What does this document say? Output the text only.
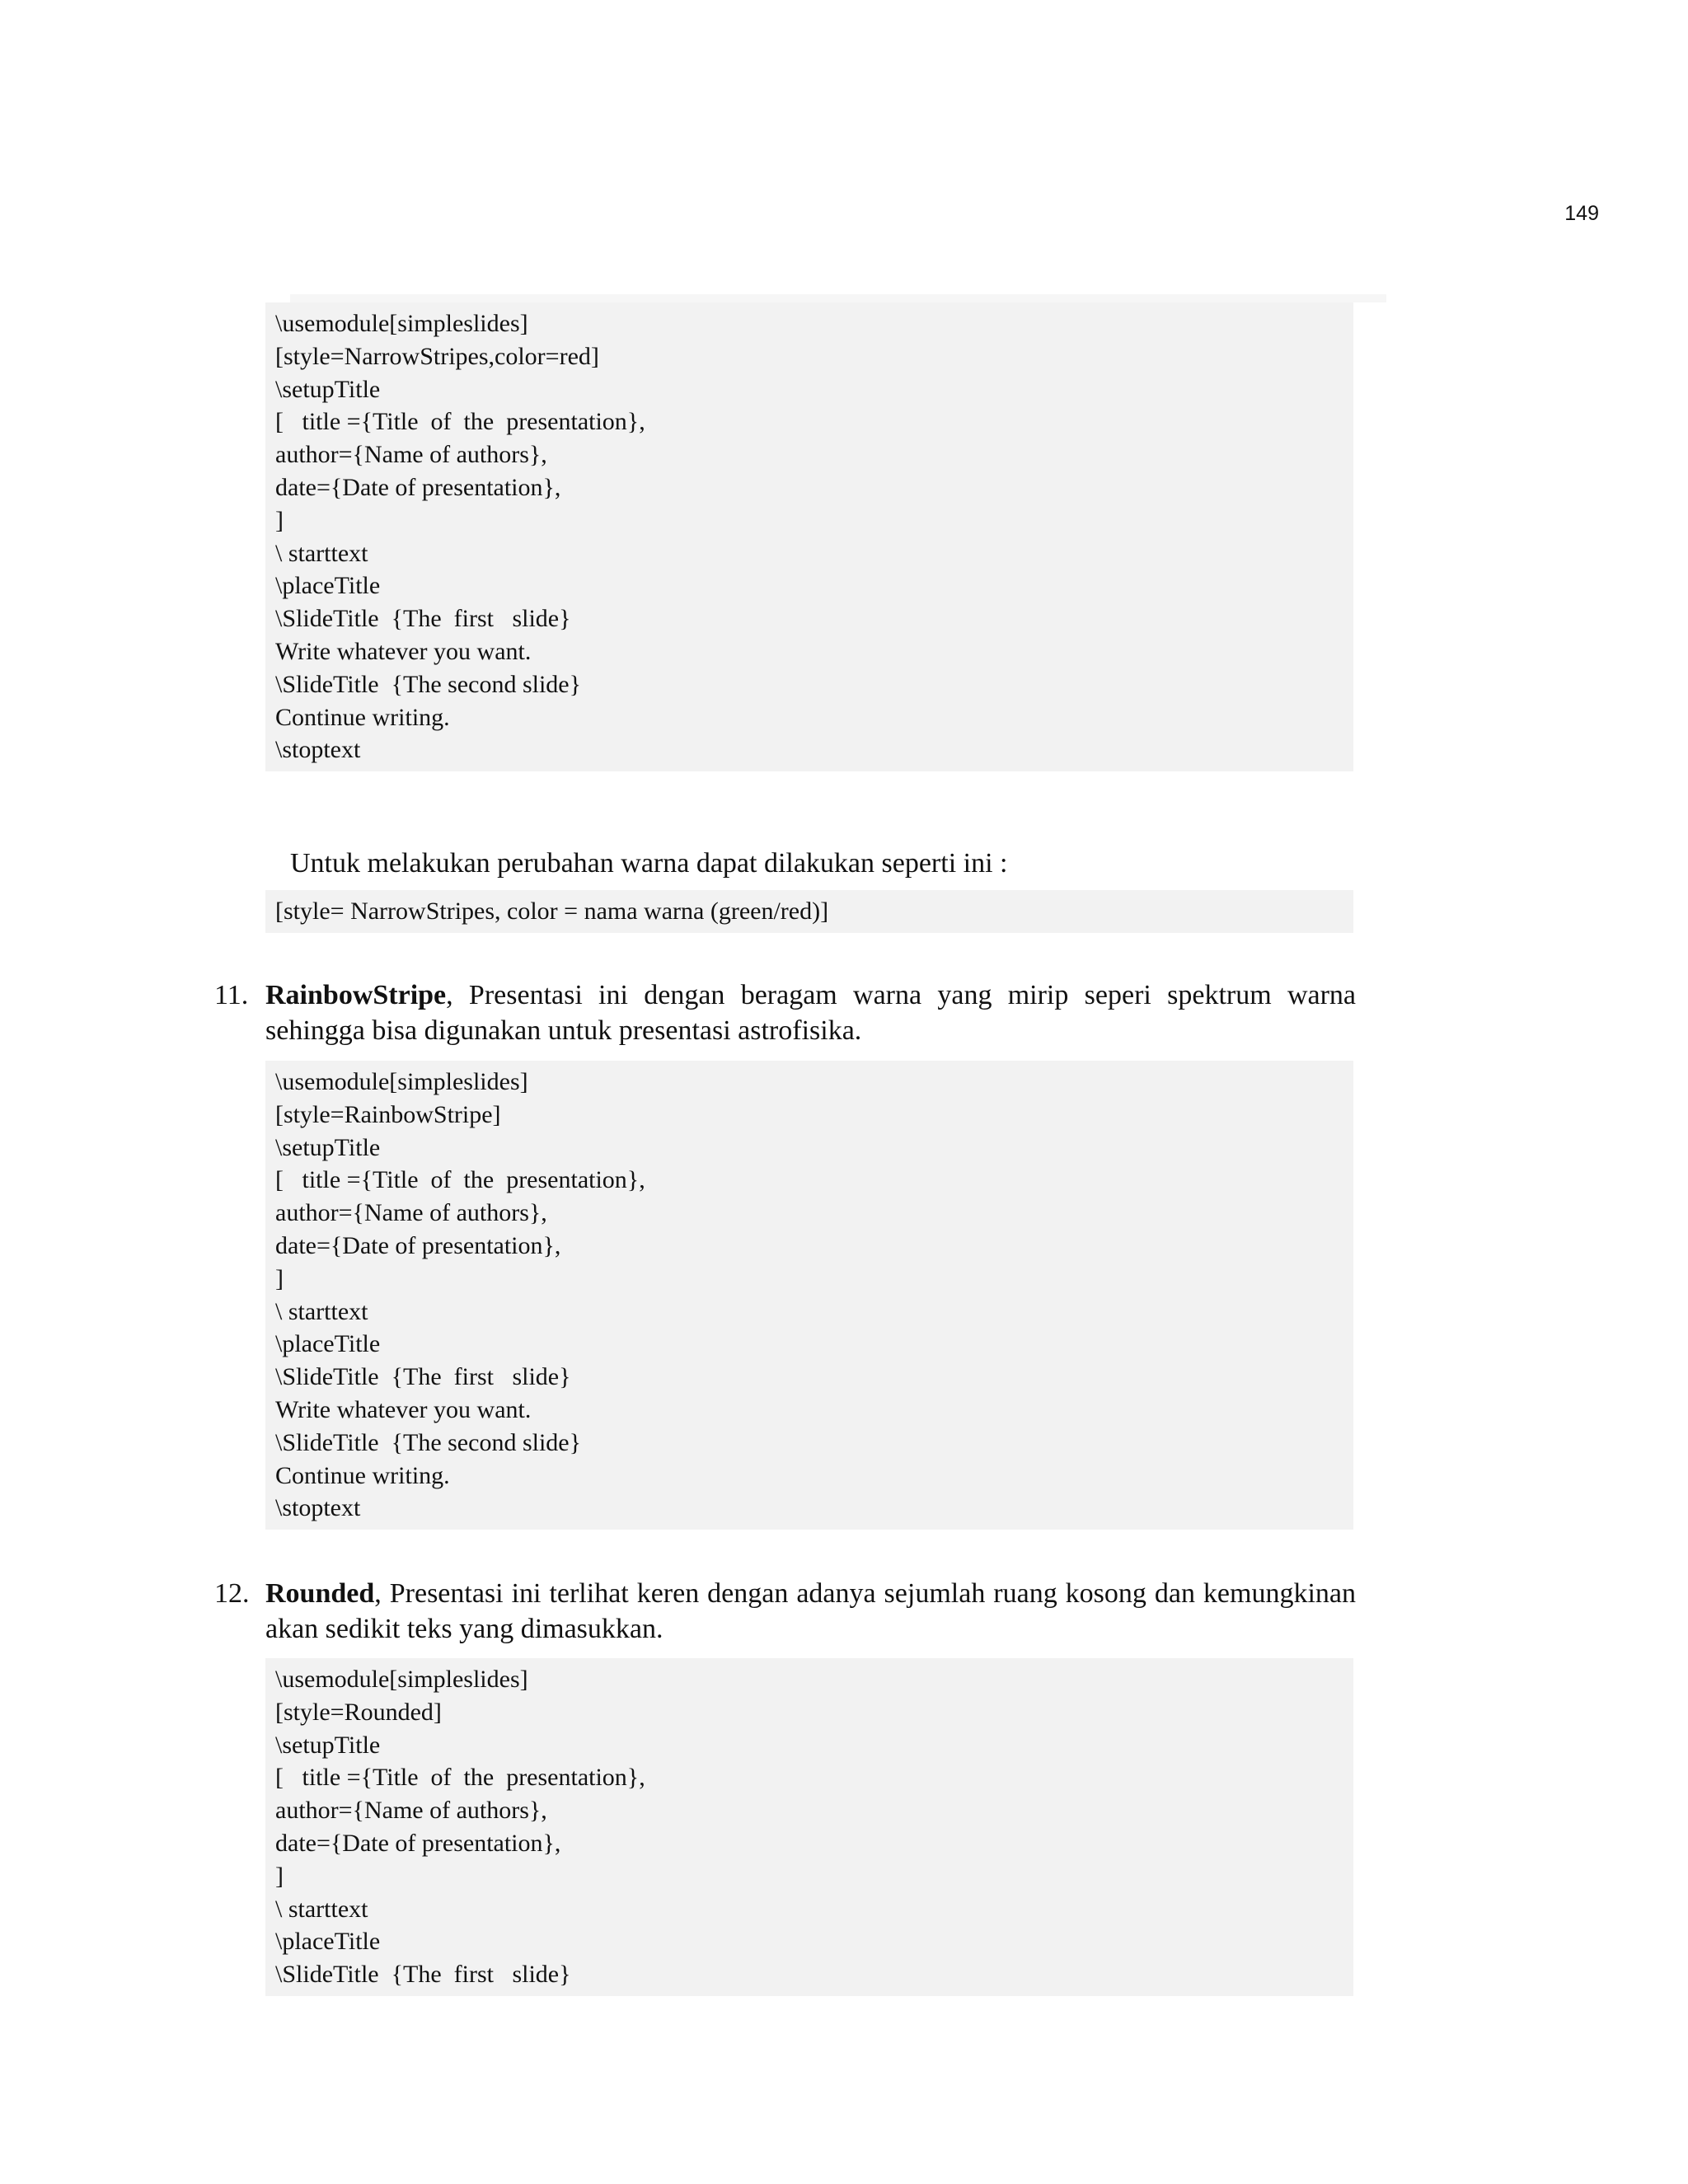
149
\usemodule[simpleslides]
[style=NarrowStripes,color=red]
\setupTitle
[   title ={Title  of  the  presentation},
author={Name of authors},
date={Date of presentation},
]
\ starttext
\placeTitle
\SlideTitle  {The  first   slide}
Write whatever you want.
\SlideTitle  {The second slide}
Continue writing.
\stoptext
Untuk melakukan perubahan warna dapat dilakukan seperti ini :
[style= NarrowStripes, color = nama warna (green/red)]
11. RainbowStripe, Presentasi ini dengan beragam warna yang mirip seperi spektrum warna sehingga bisa digunakan untuk presentasi astrofisika.
\usemodule[simpleslides]
[style=RainbowStripe]
\setupTitle
[   title ={Title  of  the  presentation},
author={Name of authors},
date={Date of presentation},
]
\ starttext
\placeTitle
\SlideTitle  {The  first   slide}
Write whatever you want.
\SlideTitle  {The second slide}
Continue writing.
\stoptext
12. Rounded, Presentasi ini terlihat keren dengan adanya sejumlah ruang kosong dan kemungkinan akan sedikit teks yang dimasukkan.
\usemodule[simpleslides]
[style=Rounded]
\setupTitle
[   title ={Title  of  the  presentation},
author={Name of authors},
date={Date of presentation},
]
\ starttext
\placeTitle
\SlideTitle  {The  first   slide}
